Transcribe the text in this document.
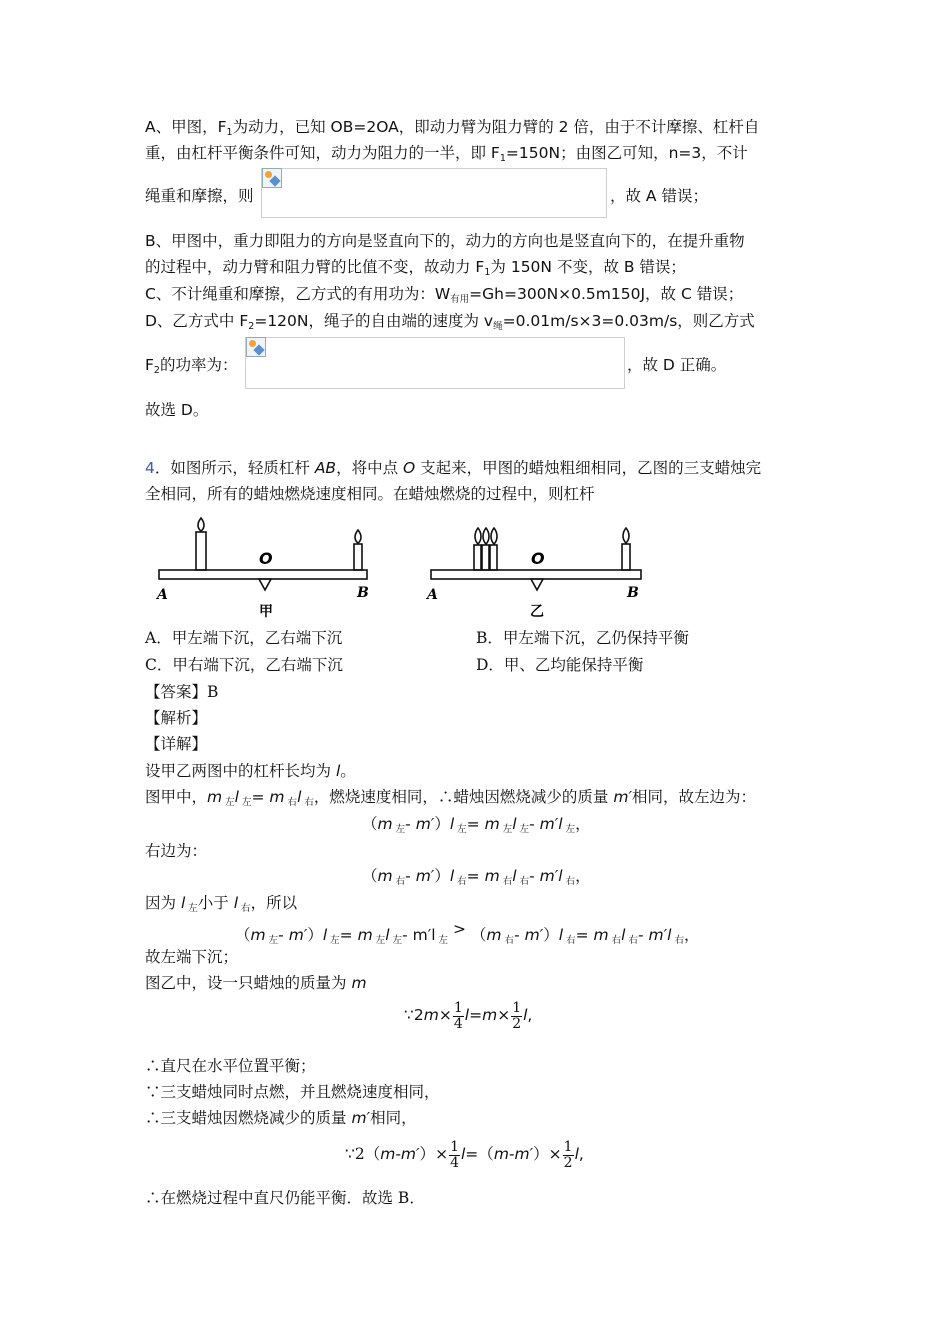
A、甲图，$F_1$为动力，已知 OB=2OA，即动力臂为阻力臂的 2 倍，由于不计摩擦、杠杆自
重，由杠杆平衡条件可知，动力为阻力的一半，即 $F_1=150N$；由图乙可知，n=3，不计
绳重和摩擦，则	，故 A 错误；
B、甲图中，重力即阻力的方向是竖直向下的，动力的方向也是竖直向下的，在提升重物
的过程中，动力臂和阻力臂的比值不变，故动力 $F_1$为 150N 不变，故 B 错误；
C、不计绳重和摩擦，乙方式的有用功为：$W_{有用}=Gh=300N\times 0.5m150J$，故 C 错误；
D、乙方式中 $F_2=120N$，绳子的自由端的速度为 $v_绳=0.01m/s\times 3=0.03m/s$，则乙方式
$F_2$的功率为：	，故 D 正确。
故选 D。
4．如图所示，轻质杠杆 AB，将中点 O 支起来，甲图的蜡烛粗细相同，乙图的三支蜡烛完
全相同，所有的蜡烛燃烧速度相同。在蜡烛燃烧的过程中，则杠杆
O
A	B
甲
O
A	B
乙
A．甲左端下沉，乙右端下沉	B．甲左端下沉，乙仍保持平衡
C．甲右端下沉，乙右端下沉	D．甲、乙均能保持平衡
【答案】B
【解析】
【详解】
设甲乙两图中的杠杆长均为 l。
图甲中，m $_左$l $_左$= m $_右$l $_右$，燃烧速度相同，∴蜡烛因燃烧减少的质量 m′相同，故左边为：
（m $_左$- m′）l $_左$= m $_左$l $_左$- m′l $_左$，
右边为：
（m $_右$- m′）l $_右$= m $_右$l $_右$- m′l $_右$，
因为 l $_左$小于 l $_右$，所以
（m $_左$- m′）l $_左$= m $_左$l $_左$- m′l $_左$ > （m $_右$- m′）l $_右$= m $_右$l $_右$- m′l $_右$，
故左端下沉；
图乙中，设一只蜡烛的质量为 m
∵2m× $\frac{1}{4} l=m\times \frac{1}{2} l$,
∴直尺在水平位置平衡；
∵三支蜡烛同时点燃，并且燃烧速度相同，
∴三支蜡烛因燃烧减少的质量 m′相同，
∵2（m-m′）× $\frac{1}{4} l=(m-m')\times \frac{1}{2} l$,
∴在燃烧过程中直尺仍能平衡．故选 B．
